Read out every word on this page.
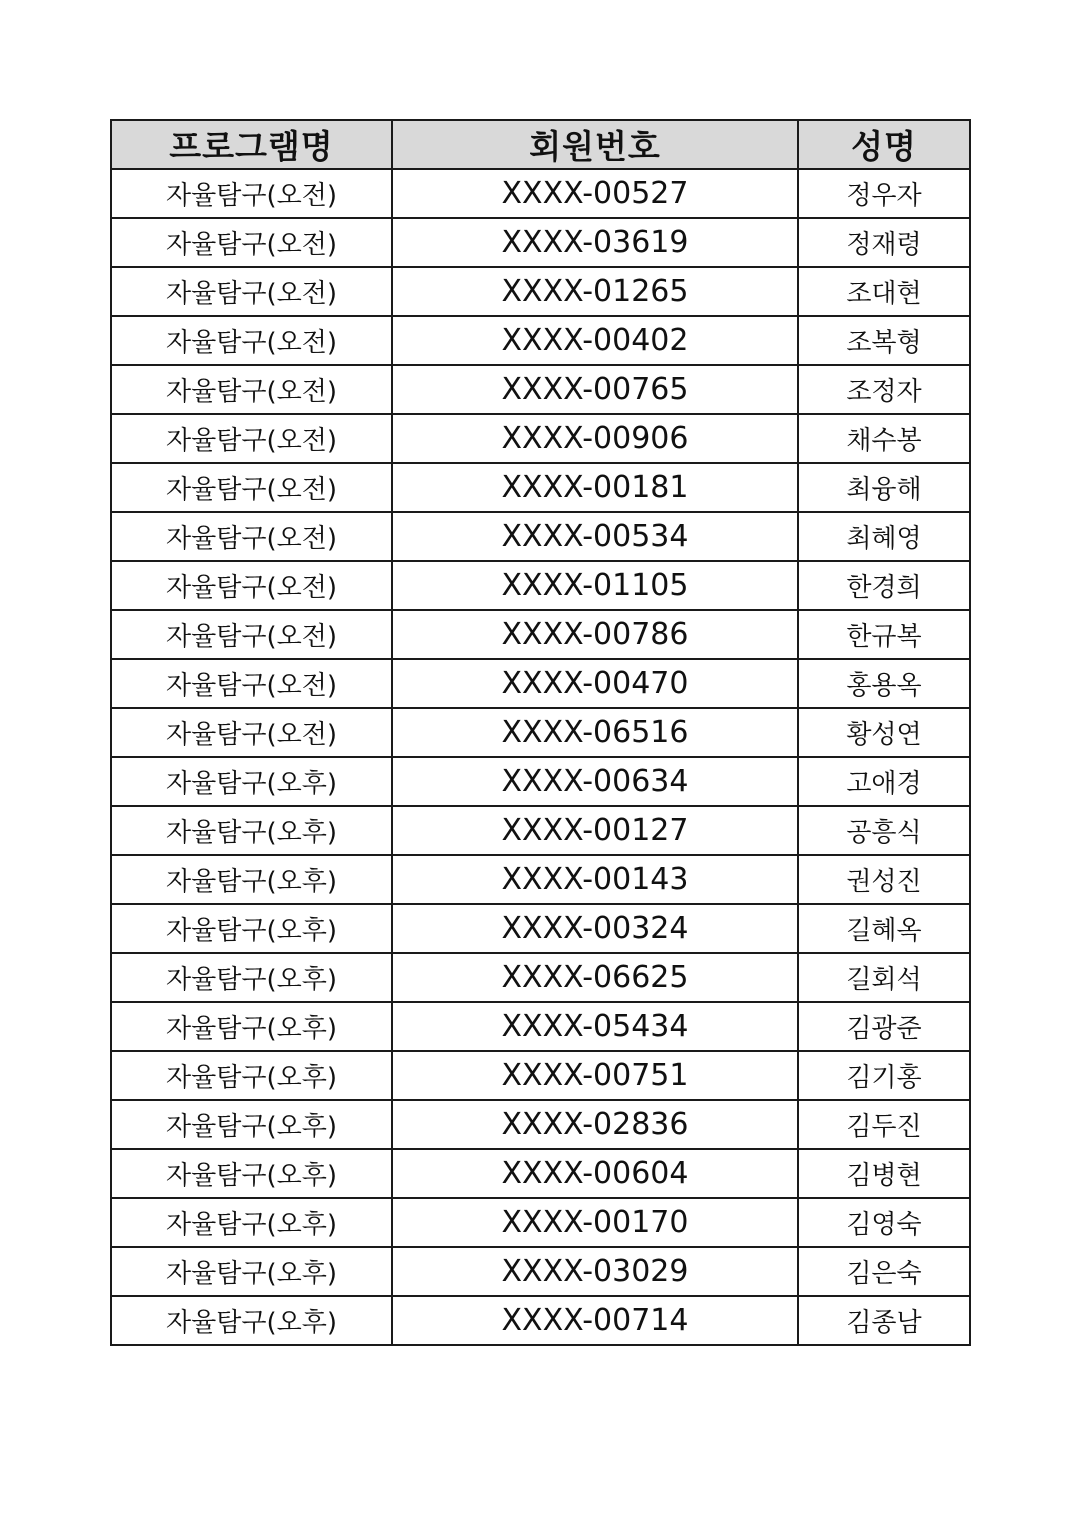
프로그램명	회원번호	성명
자율탐구(오전)	XXXX-00527	정우자
자율탐구(오전)	XXXX-03619	정재령
자율탐구(오전)	XXXX-01265	조대현
자율탐구(오전)	XXXX-00402	조복형
자율탐구(오전)	XXXX-00765	조정자
자율탐구(오전)	XXXX-00906	채수봉
자율탐구(오전)	XXXX-00181	최융해
자율탐구(오전)	XXXX-00534	최혜영
자율탐구(오전)	XXXX-01105	한경희
자율탐구(오전)	XXXX-00786	한규복
자율탐구(오전)	XXXX-00470	홍용옥
자율탐구(오전)	XXXX-06516	황성연
자율탐구(오후)	XXXX-00634	고애경
자율탐구(오후)	XXXX-00127	공흥식
자율탐구(오후)	XXXX-00143	권성진
자율탐구(오후)	XXXX-00324	길혜옥
자율탐구(오후)	XXXX-06625	길회석
자율탐구(오후)	XXXX-05434	김광준
자율탐구(오후)	XXXX-00751	김기홍
자율탐구(오후)	XXXX-02836	김두진
자율탐구(오후)	XXXX-00604	김병현
자율탐구(오후)	XXXX-00170	김영숙
자율탐구(오후)	XXXX-03029	김은숙
자율탐구(오후)	XXXX-00714	김종남
